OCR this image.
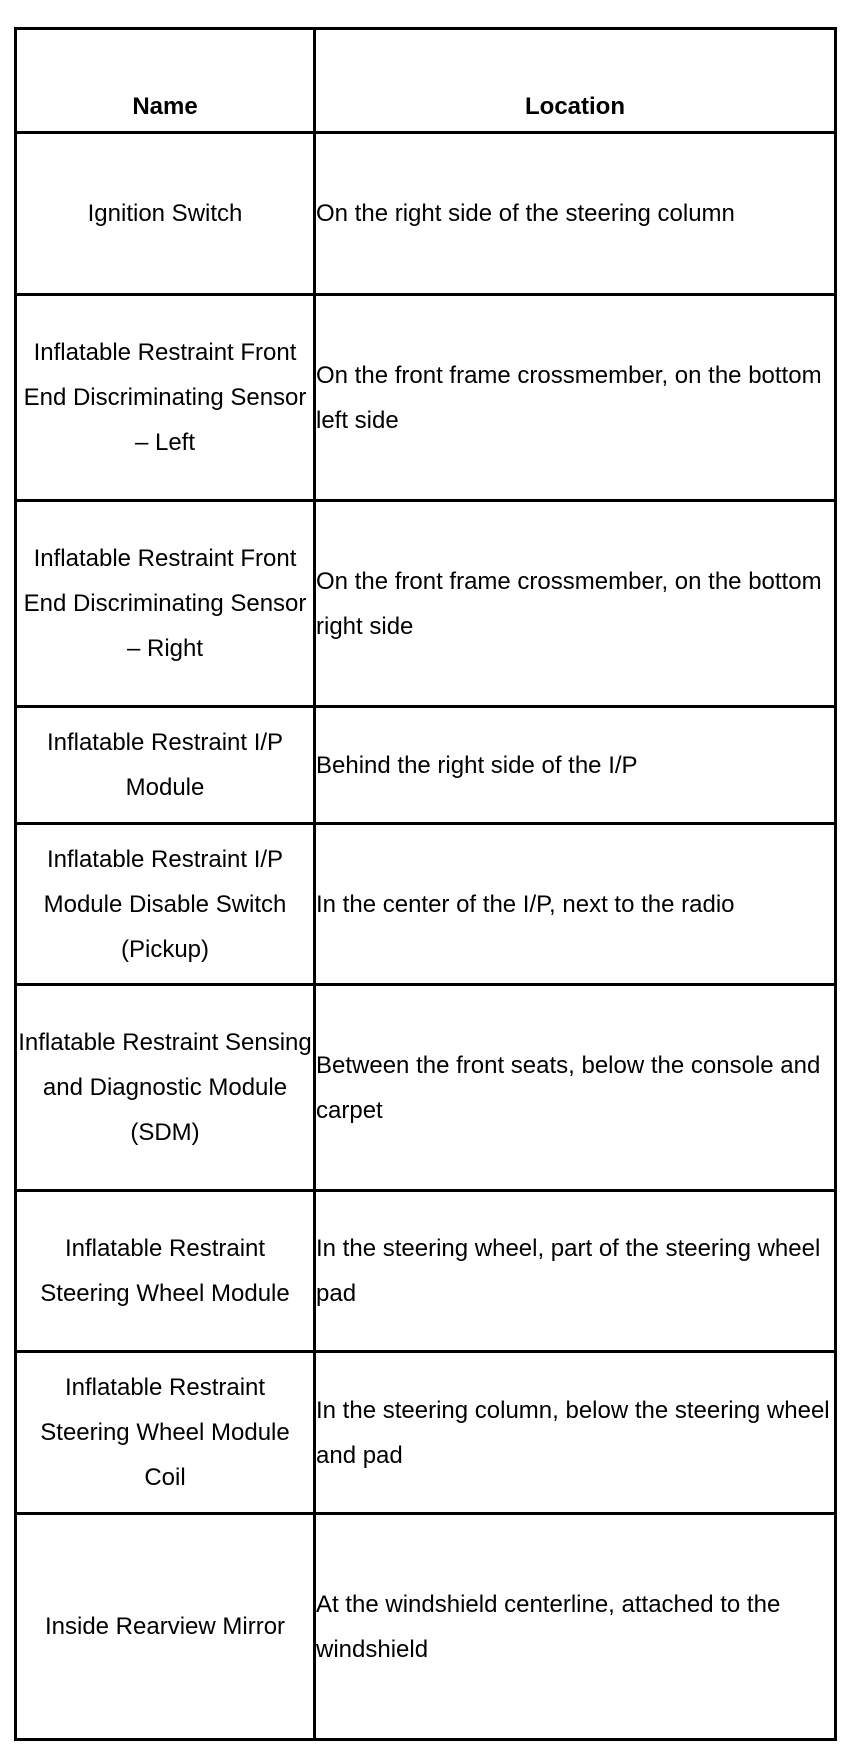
Name	Location
Ignition Switch	On the right side of the steering column
Inflatable Restraint Front End Discriminating Sensor – Left	On the front frame crossmember, on the bottom left side
Inflatable Restraint Front End Discriminating Sensor – Right	On the front frame crossmember, on the bottom right side
Inflatable Restraint I/P Module	Behind the right side of the I/P
Inflatable Restraint I/P Module Disable Switch (Pickup)	In the center of the I/P, next to the radio
Inflatable Restraint Sensing and Diagnostic Module (SDM)	Between the front seats, below the console and carpet
Inflatable Restraint Steering Wheel Module	In the steering wheel, part of the steering wheel pad
Inflatable Restraint Steering Wheel Module Coil	In the steering column, below the steering wheel and pad
Inside Rearview Mirror	At the windshield centerline, attached to the windshield
